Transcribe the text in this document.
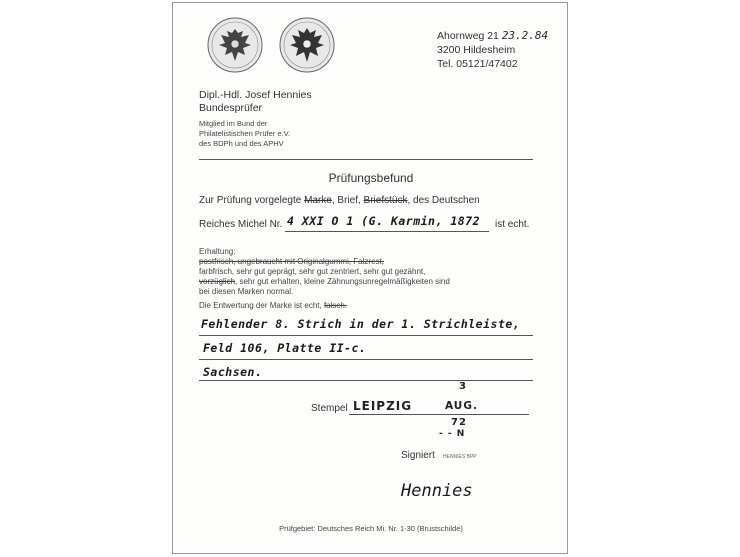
Ahornweg 21 23.2.84
3200 Hildesheim
Tel. 05121/47402
Dipl.-Hdl. Josef Hennies
Bundesprüfer
Mitglied im Bund der
Philatelistischen Prüfer e.V.
des BDPh und des APHV
Prüfungsbefund
Zur Prüfung vorgelegte Marke, Brief, Briefstück, des Deutschen
Reiches Michel Nr. 4 XXI O 1 (G. Karmin, 1872 ist echt.
Erhaltung:
postfrisch, ungebraucht mit Originalgummi, Falzrest,
farbfrisch, sehr gut geprägt, sehr gut zentriert, sehr gut gezähnt,
vorzüglich, sehr gut erhalten, kleine Zähnungsunregelmäßigkeiten sind
bei diesen Marken normal.
Die Entwertung der Marke ist echt, falsch.
Fehlender 8. Strich in der 1. Strichleiste,
Feld 106, Platte II-c.
Sachsen.
3
Stempel LEIPZIG	AUG.
72
- - N
Signiert HENNIES BPP
Hennies
Prüfgebiet: Deutsches Reich Mi. Nr. 1-30 (Brustschilde)
